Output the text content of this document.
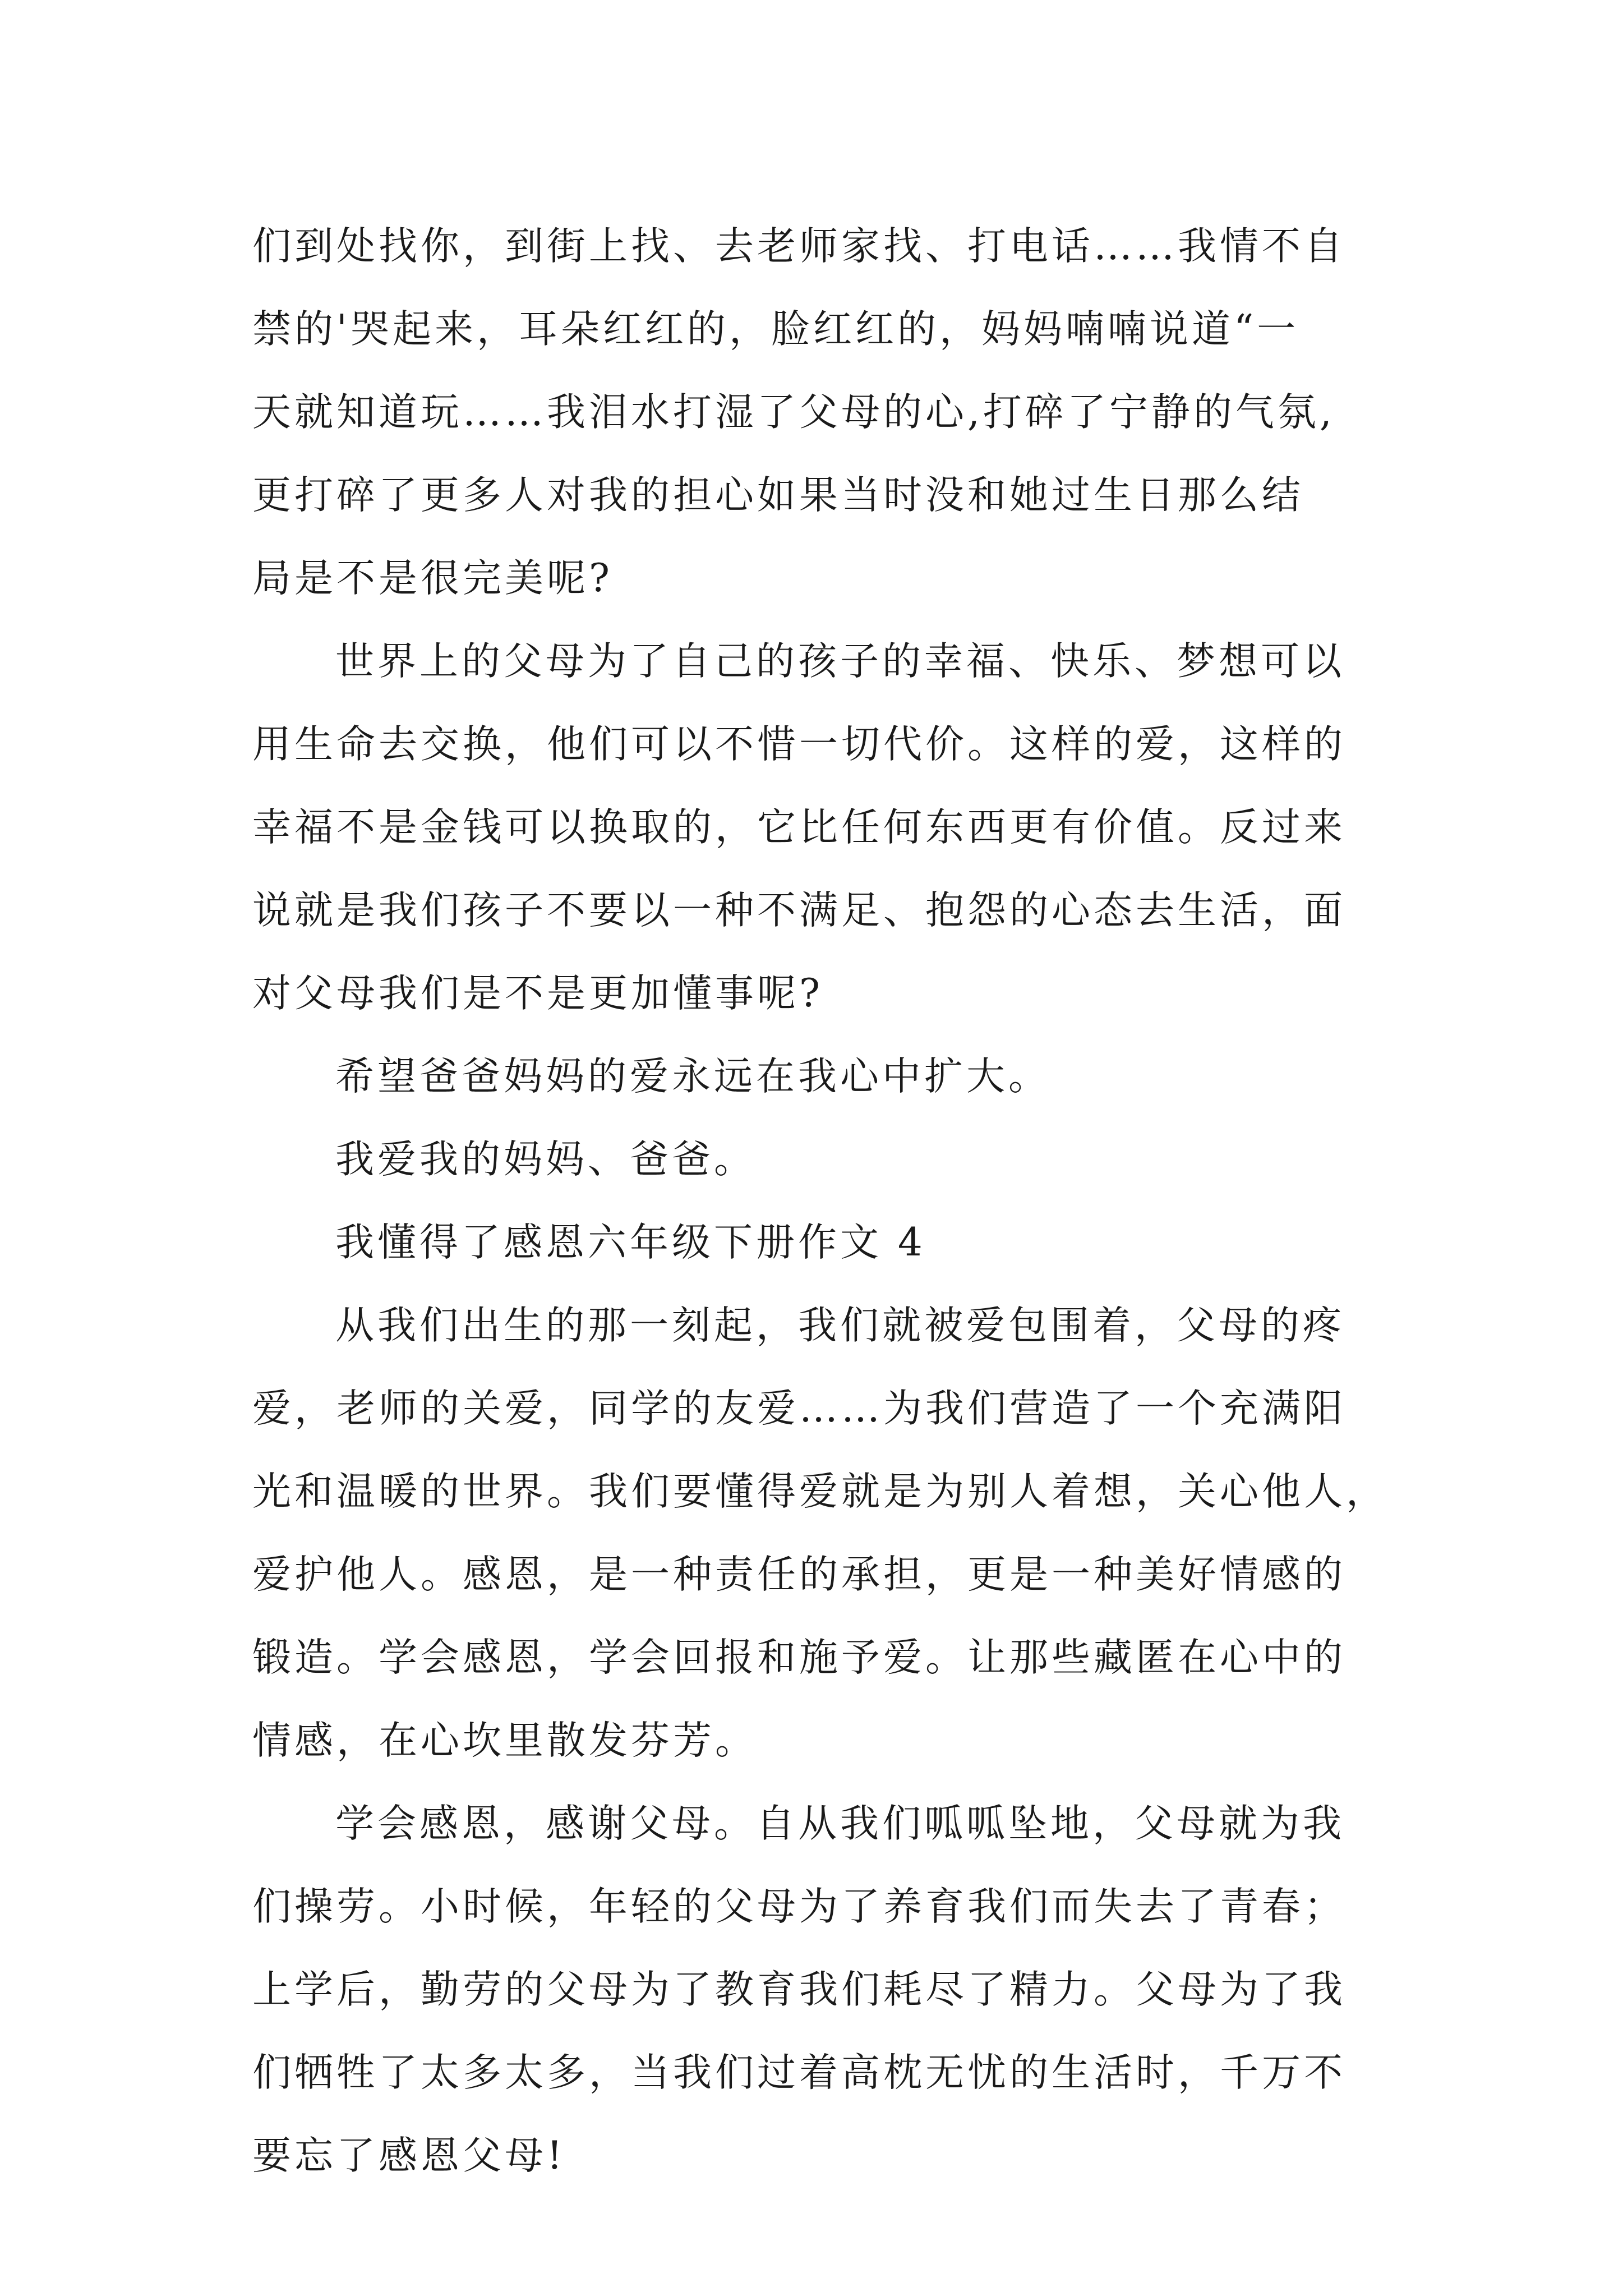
们到处找你，到街上找、去老师家找、打电话……我情不自
禁的'哭起来，耳朵红红的，脸红红的，妈妈喃喃说道“一
天就知道玩……我泪水打湿了父母的心,打碎了宁静的气氛,
更打碎了更多人对我的担心如果当时没和她过生日那么结
局是不是很完美呢?
世界上的父母为了自己的孩子的幸福、快乐、梦想可以
用生命去交换，他们可以不惜一切代价。这样的爱，这样的
幸福不是金钱可以换取的，它比任何东西更有价值。反过来
说就是我们孩子不要以一种不满足、抱怨的心态去生活，面
对父母我们是不是更加懂事呢?
希望爸爸妈妈的爱永远在我心中扩大。
我爱我的妈妈、爸爸。
我懂得了感恩六年级下册作文 4
从我们出生的那一刻起，我们就被爱包围着，父母的疼
爱，老师的关爱，同学的友爱……为我们营造了一个充满阳
光和温暖的世界。我们要懂得爱就是为别人着想，关心他人，
爱护他人。感恩，是一种责任的承担，更是一种美好情感的
锻造。学会感恩，学会回报和施予爱。让那些藏匿在心中的
情感，在心坎里散发芬芳。
学会感恩，感谢父母。自从我们呱呱坠地，父母就为我
们操劳。小时候，年轻的父母为了养育我们而失去了青春；
上学后，勤劳的父母为了教育我们耗尽了精力。父母为了我
们牺牲了太多太多，当我们过着高枕无忧的生活时，千万不
要忘了感恩父母!
